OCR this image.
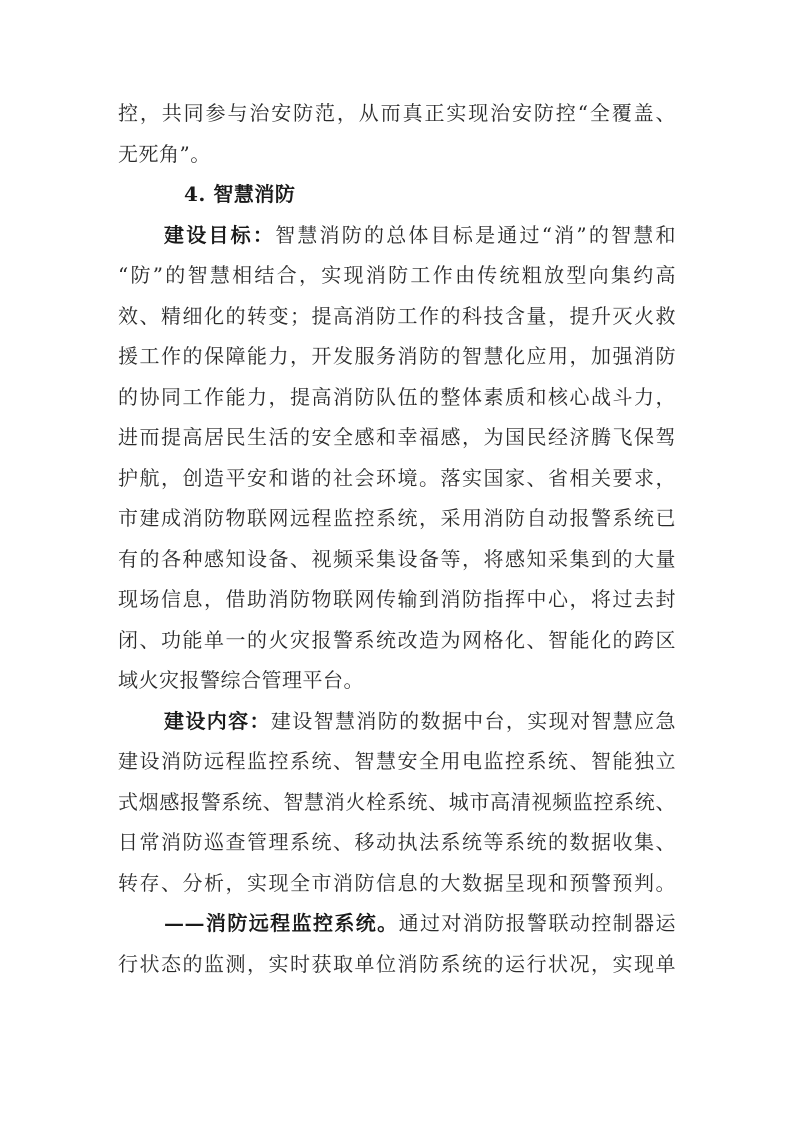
控，共同参与治安防范，从而真正实现治安防控“全覆盖、
无死角”。
4. 智慧消防
建设目标：智慧消防的总体目标是通过“消”的智慧和
“防”的智慧相结合，实现消防工作由传统粗放型向集约高
效、精细化的转变；提高消防工作的科技含量，提升灭火救
援工作的保障能力，开发服务消防的智慧化应用，加强消防
的协同工作能力，提高消防队伍的整体素质和核心战斗力，
进而提高居民生活的安全感和幸福感，为国民经济腾飞保驾
护航，创造平安和谐的社会环境。落实国家、省相关要求，
市建成消防物联网远程监控系统，采用消防自动报警系统已
有的各种感知设备、视频采集设备等，将感知采集到的大量
现场信息，借助消防物联网传输到消防指挥中心，将过去封
闭、功能单一的火灾报警系统改造为网格化、智能化的跨区
域火灾报警综合管理平台。
建设内容：建设智慧消防的数据中台，实现对智慧应急
建设消防远程监控系统、智慧安全用电监控系统、智能独立
式烟感报警系统、智慧消火栓系统、城市高清视频监控系统、
日常消防巡查管理系统、移动执法系统等系统的数据收集、
转存、分析，实现全市消防信息的大数据呈现和预警预判。
——消防远程监控系统。通过对消防报警联动控制器运
行状态的监测，实时获取单位消防系统的运行状况，实现单
